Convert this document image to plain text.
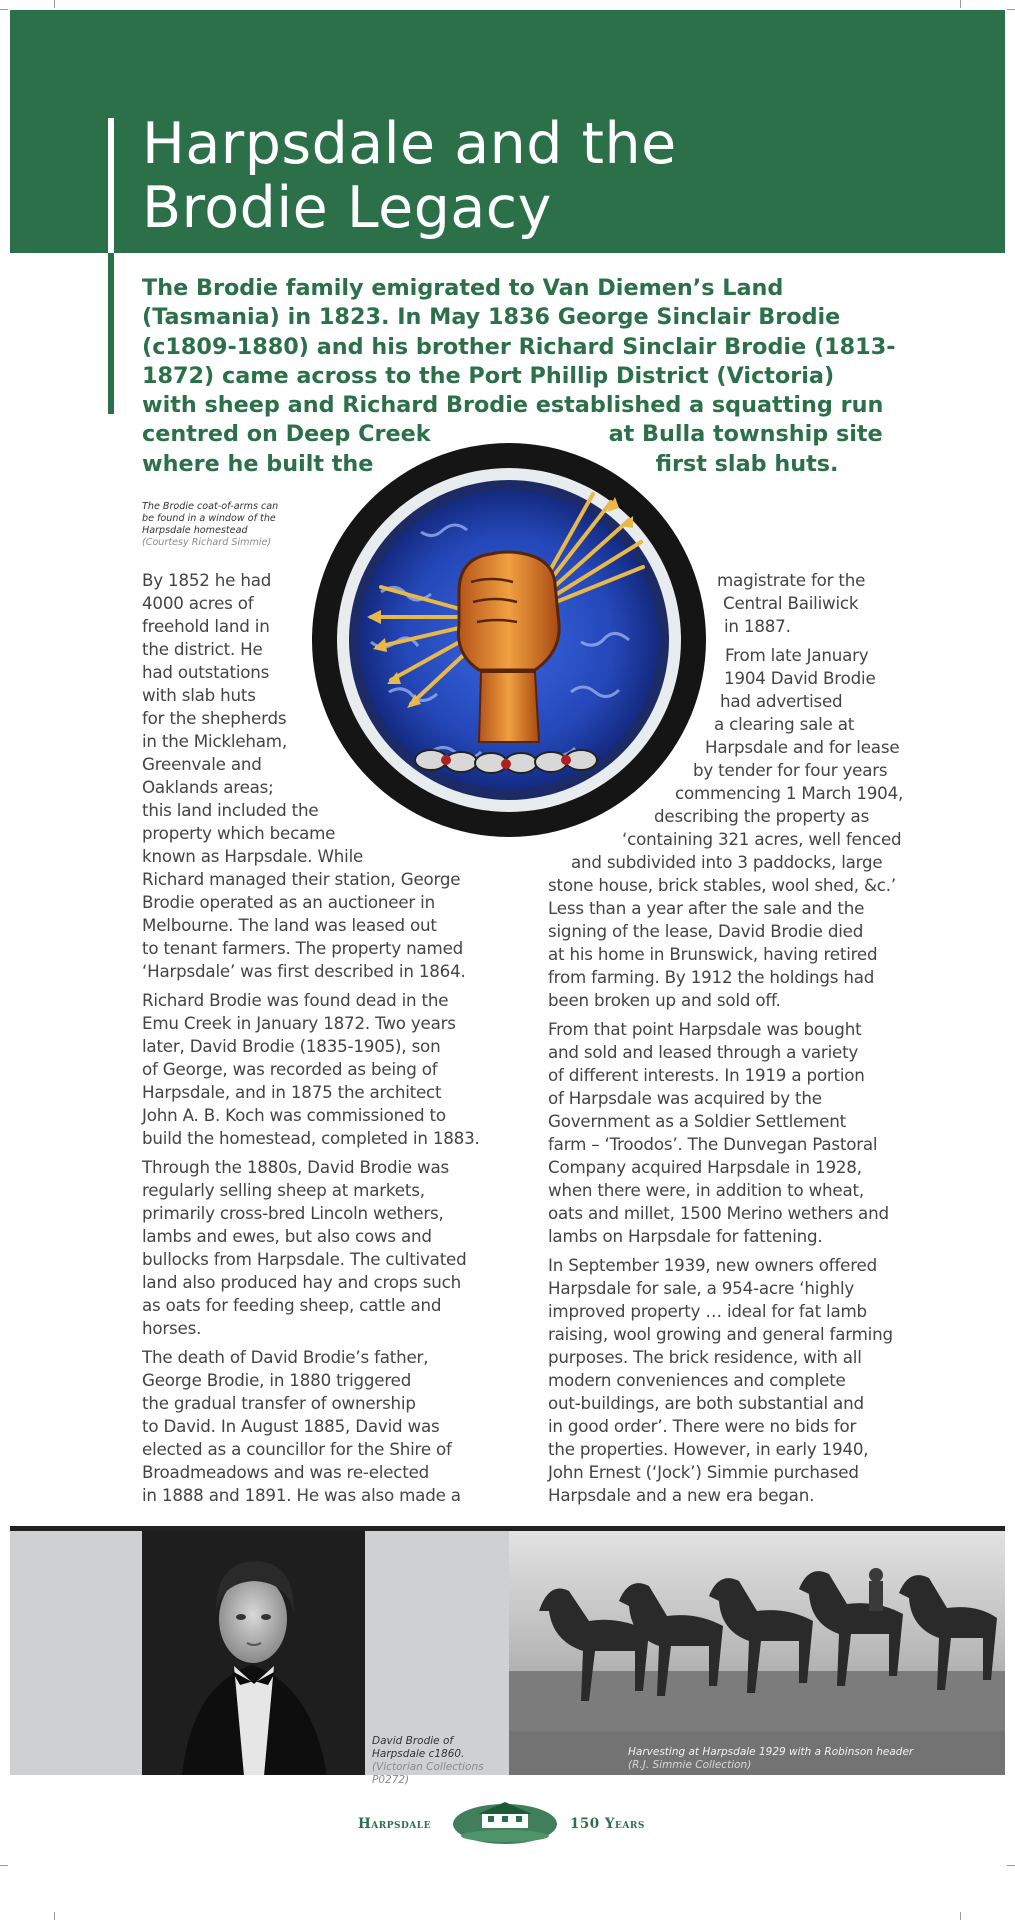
Harpsdale and the
Brodie Legacy
The Brodie family emigrated to Van Diemen’s Land
(Tasmania) in 1823. In May 1836 George Sinclair Brodie
(c1809-1880) and his brother Richard Sinclair Brodie (1813-
1872) came across to the Port Phillip District (Victoria)
with sheep and Richard Brodie established a squatting run
centred on Deep Creek	at Bulla township site
where he built the	first slab huts.
The Brodie coat-of-arms can
be found in a window of the
Harpsdale homestead
(Courtesy Richard Simmie)
By 1852 he had
4000 acres of
freehold land in
the district. He
had outstations
with slab huts
for the shepherds
in the Mickleham,
Greenvale and
Oaklands areas;
this land included the
property which became
known as Harpsdale. While
Richard managed their station, George
Brodie operated as an auctioneer in
Melbourne. The land was leased out
to tenant farmers. The property named
‘Harpsdale’ was first described in 1864.
Richard Brodie was found dead in the
Emu Creek in January 1872. Two years
later, David Brodie (1835-1905), son
of George, was recorded as being of
Harpsdale, and in 1875 the architect
John A. B. Koch was commissioned to
build the homestead, completed in 1883.
Through the 1880s, David Brodie was
regularly selling sheep at markets,
primarily cross-bred Lincoln wethers,
lambs and ewes, but also cows and
bullocks from Harpsdale. The cultivated
land also produced hay and crops such
as oats for feeding sheep, cattle and
horses.
The death of David Brodie’s father,
George Brodie, in 1880 triggered
the gradual transfer of ownership
to David. In August 1885, David was
elected as a councillor for the Shire of
Broadmeadows and was re-elected
in 1888 and 1891. He was also made a
magistrate for the
Central Bailiwick
in 1887.
From late January
1904 David Brodie
had advertised
a clearing sale at
Harpsdale and for lease
by tender for four years
commencing 1 March 1904,
describing the property as
‘containing 321 acres, well fenced
and subdivided into 3 paddocks, large
stone house, brick stables, wool shed, &c.’
Less than a year after the sale and the
signing of the lease, David Brodie died
at his home in Brunswick, having retired
from farming. By 1912 the holdings had
been broken up and sold off.
From that point Harpsdale was bought
and sold and leased through a variety
of different interests. In 1919 a portion
of Harpsdale was acquired by the
Government as a Soldier Settlement
farm – ‘Troodos’. The Dunvegan Pastoral
Company acquired Harpsdale in 1928,
when there were, in addition to wheat,
oats and millet, 1500 Merino wethers and
lambs on Harpsdale for fattening.
In September 1939, new owners offered
Harpsdale for sale, a 954-acre ‘highly
improved property … ideal for fat lamb
raising, wool growing and general farming
purposes. The brick residence, with all
modern conveniences and complete
out-buildings, are both substantial and
in good order’. There were no bids for
the properties. However, in early 1940,
John Ernest (‘Jock’) Simmie purchased
Harpsdale and a new era began.
David Brodie of
Harpsdale c1860.
(Victorian Collections P0272)
Harvesting at Harpsdale 1929 with a Robinson header
(R.J. Simmie Collection)
Harpsdale	150 Years
